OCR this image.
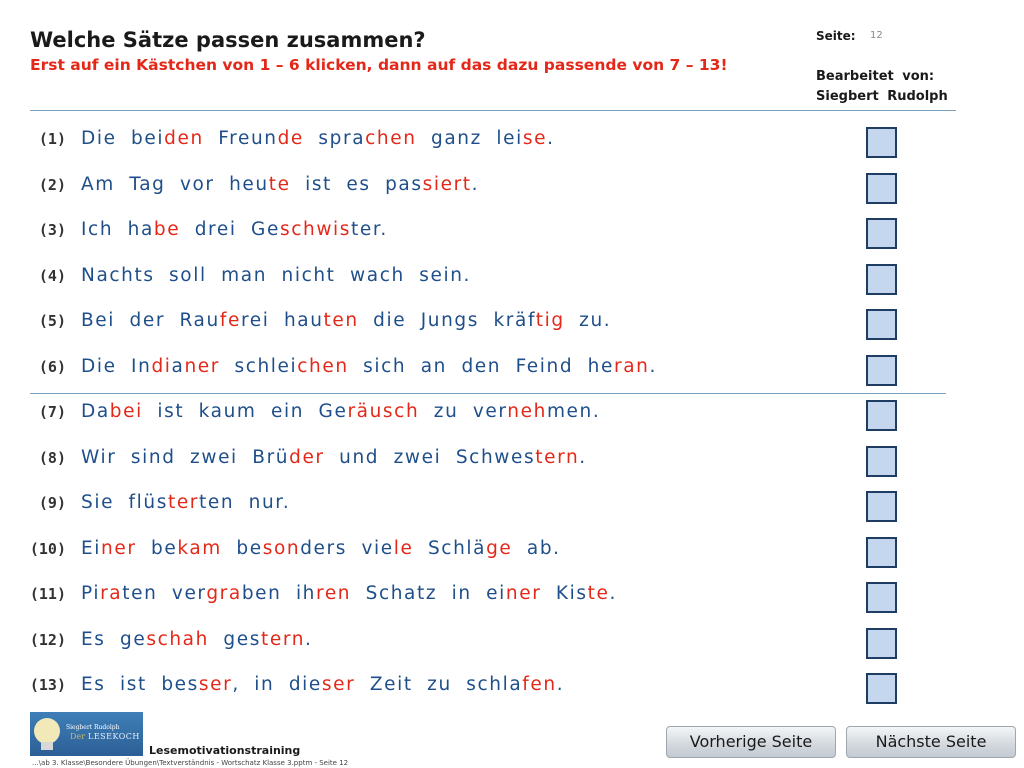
Welche Sätze passen zusammen?
Erst auf ein Kästchen von 1 – 6 klicken, dann auf das dazu passende von 7 – 13!
Seite: 12
Bearbeitet von:
Siegbert Rudolph
(1) Die beiden Freunde sprachen ganz leise.
(2) Am Tag vor heute ist es passiert.
(3) Ich habe drei Geschwister.
(4) Nachts soll man nicht wach sein.
(5) Bei der Rauferei hauten die Jungs kräftig zu.
(6) Die Indianer schleichen sich an den Feind heran.
(7) Dabei ist kaum ein Geräusch zu vernehmen.
(8) Wir sind zwei Brüder und zwei Schwestern.
(9) Sie flüsterten nur.
(10) Einer bekam besonders viele Schläge ab.
(11) Piraten vergraben ihren Schatz in einer Kiste.
(12) Es geschah gestern.
(13) Es ist besser, in dieser Zeit zu schlafen.
Siegbert Rudolph
Der LESEKOCH
Lesemotivationstraining
...\ab 3. Klasse\Besondere Übungen\Textverständnis - Wortschatz Klasse 3.pptm - Seite 12
Vorherige Seite	Nächste Seite
